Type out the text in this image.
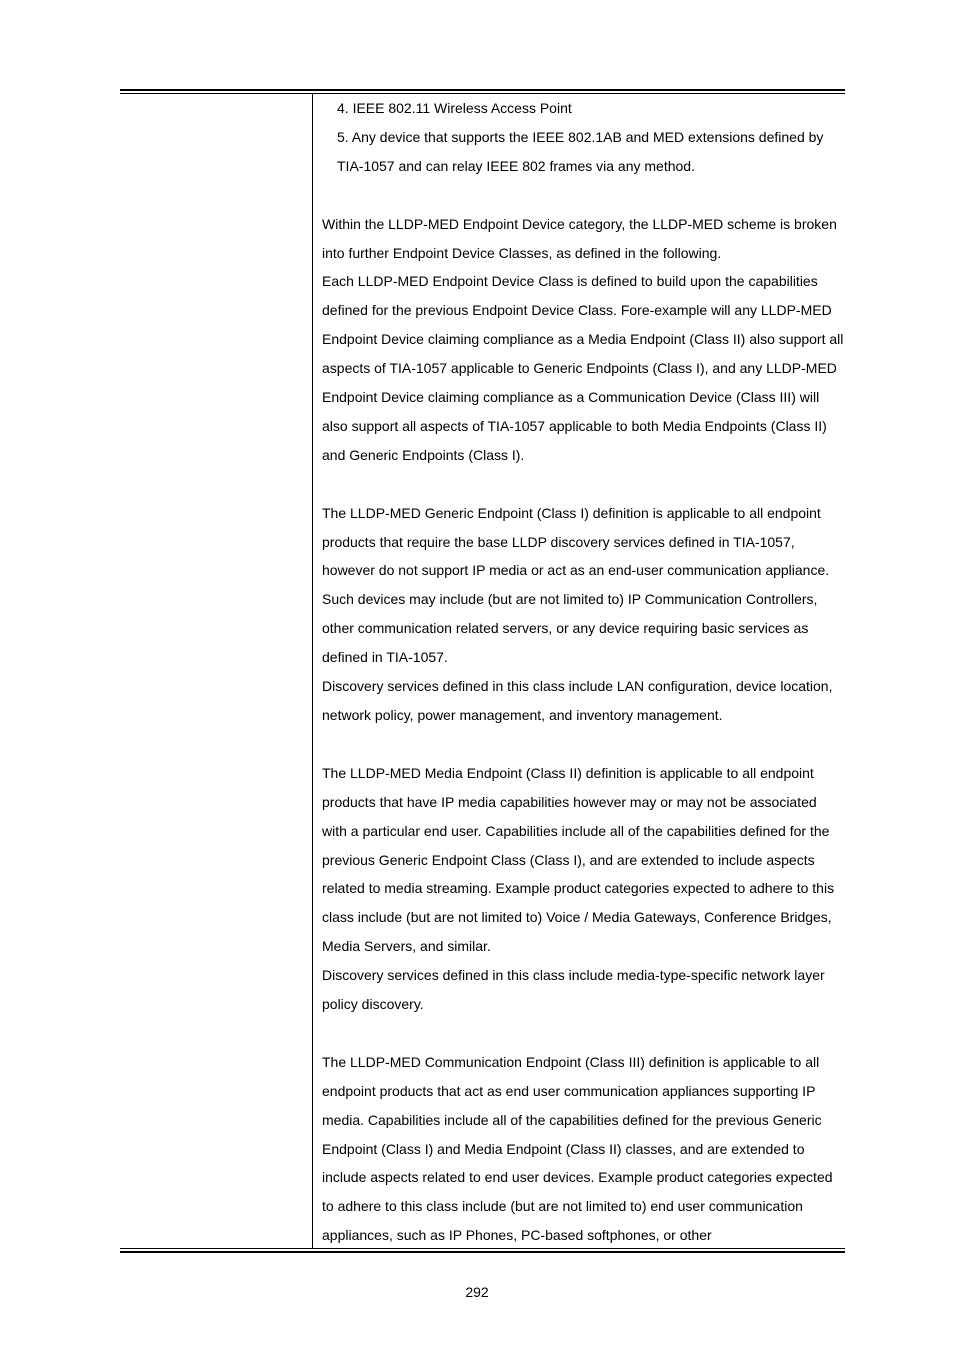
4. IEEE 802.11 Wireless Access Point

5. Any device that supports the IEEE 802.1AB and MED extensions defined by TIA-1057 and can relay IEEE 802 frames via any method.

Within the LLDP-MED Endpoint Device category, the LLDP-MED scheme is broken into further Endpoint Device Classes, as defined in the following.

Each LLDP-MED Endpoint Device Class is defined to build upon the capabilities defined for the previous Endpoint Device Class. Fore-example will any LLDP-MED Endpoint Device claiming compliance as a Media Endpoint (Class II) also support all aspects of TIA-1057 applicable to Generic Endpoints (Class I), and any LLDP-MED Endpoint Device claiming compliance as a Communication Device (Class III) will also support all aspects of TIA-1057 applicable to both Media Endpoints (Class II) and Generic Endpoints (Class I).

The LLDP-MED Generic Endpoint (Class I) definition is applicable to all endpoint products that require the base LLDP discovery services defined in TIA-1057, however do not support IP media or act as an end-user communication appliance. Such devices may include (but are not limited to) IP Communication Controllers, other communication related servers, or any device requiring basic services as defined in TIA-1057.

Discovery services defined in this class include LAN configuration, device location, network policy, power management, and inventory management.

The LLDP-MED Media Endpoint (Class II) definition is applicable to all endpoint products that have IP media capabilities however may or may not be associated with a particular end user. Capabilities include all of the capabilities defined for the previous Generic Endpoint Class (Class I), and are extended to include aspects related to media streaming. Example product categories expected to adhere to this class include (but are not limited to) Voice / Media Gateways, Conference Bridges, Media Servers, and similar.

Discovery services defined in this class include media-type-specific network layer policy discovery.

The LLDP-MED Communication Endpoint (Class III) definition is applicable to all endpoint products that act as end user communication appliances supporting IP media. Capabilities include all of the capabilities defined for the previous Generic Endpoint (Class I) and Media Endpoint (Class II) classes, and are extended to include aspects related to end user devices. Example product categories expected to adhere to this class include (but are not limited to) end user communication appliances, such as IP Phones, PC-based softphones, or other

292
